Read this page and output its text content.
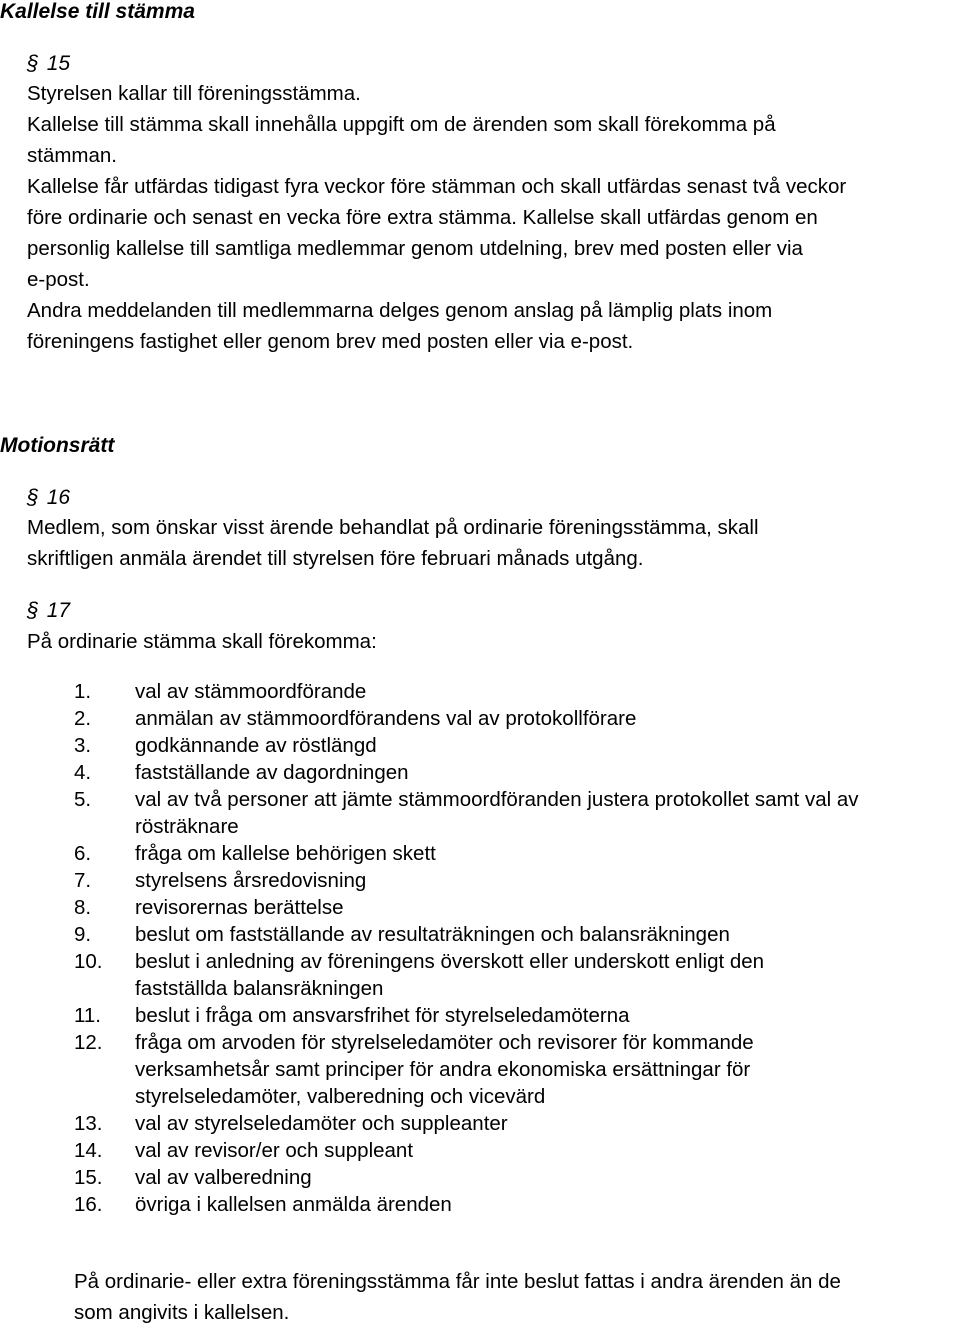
Kallelse till stämma
§ 15
Styrelsen kallar till föreningsstämma.
Kallelse till stämma skall innehålla uppgift om de ärenden som skall förekomma på
stämman.
Kallelse får utfärdas tidigast fyra veckor före stämman och skall utfärdas senast två veckor
före ordinarie och senast en vecka före extra stämma. Kallelse skall utfärdas genom en
personlig kallelse till samtliga medlemmar genom utdelning, brev med posten eller via
e-post.
Andra meddelanden till medlemmarna delges genom anslag på lämplig plats inom
föreningens fastighet eller genom brev med posten eller via e-post.
Motionsrätt
§ 16
Medlem, som önskar visst ärende behandlat på ordinarie föreningsstämma, skall
skriftligen anmäla ärendet till styrelsen före februari månads utgång.
§ 17
På ordinarie stämma skall förekomma:
1. val av stämmoordförande
2. anmälan av stämmoordförandens val av protokollförare
3. godkännande av röstlängd
4. fastställande av dagordningen
5. val av två personer att jämte stämmoordföranden justera protokollet samt val av
rösträknare
6. fråga om kallelse behörigen skett
7. styrelsens årsredovisning
8. revisorernas berättelse
9. beslut om fastställande av resultaträkningen och balansräkningen
10. beslut i anledning av föreningens överskott eller underskott enligt den
fastställda balansräkningen
11. beslut i fråga om ansvarsfrihet för styrelseledamöterna
12. fråga om arvoden för styrelseledamöter och revisorer för kommande
verksamhetsår samt principer för andra ekonomiska ersättningar för
styrelseledamöter, valberedning och vicevärd
13. val av styrelseledamöter och suppleanter
14. val av revisor/er och suppleant
15. val av valberedning
16. övriga i kallelsen anmälda ärenden
På ordinarie- eller extra föreningsstämma får inte beslut fattas i andra ärenden än de
som angivits i kallelsen.
